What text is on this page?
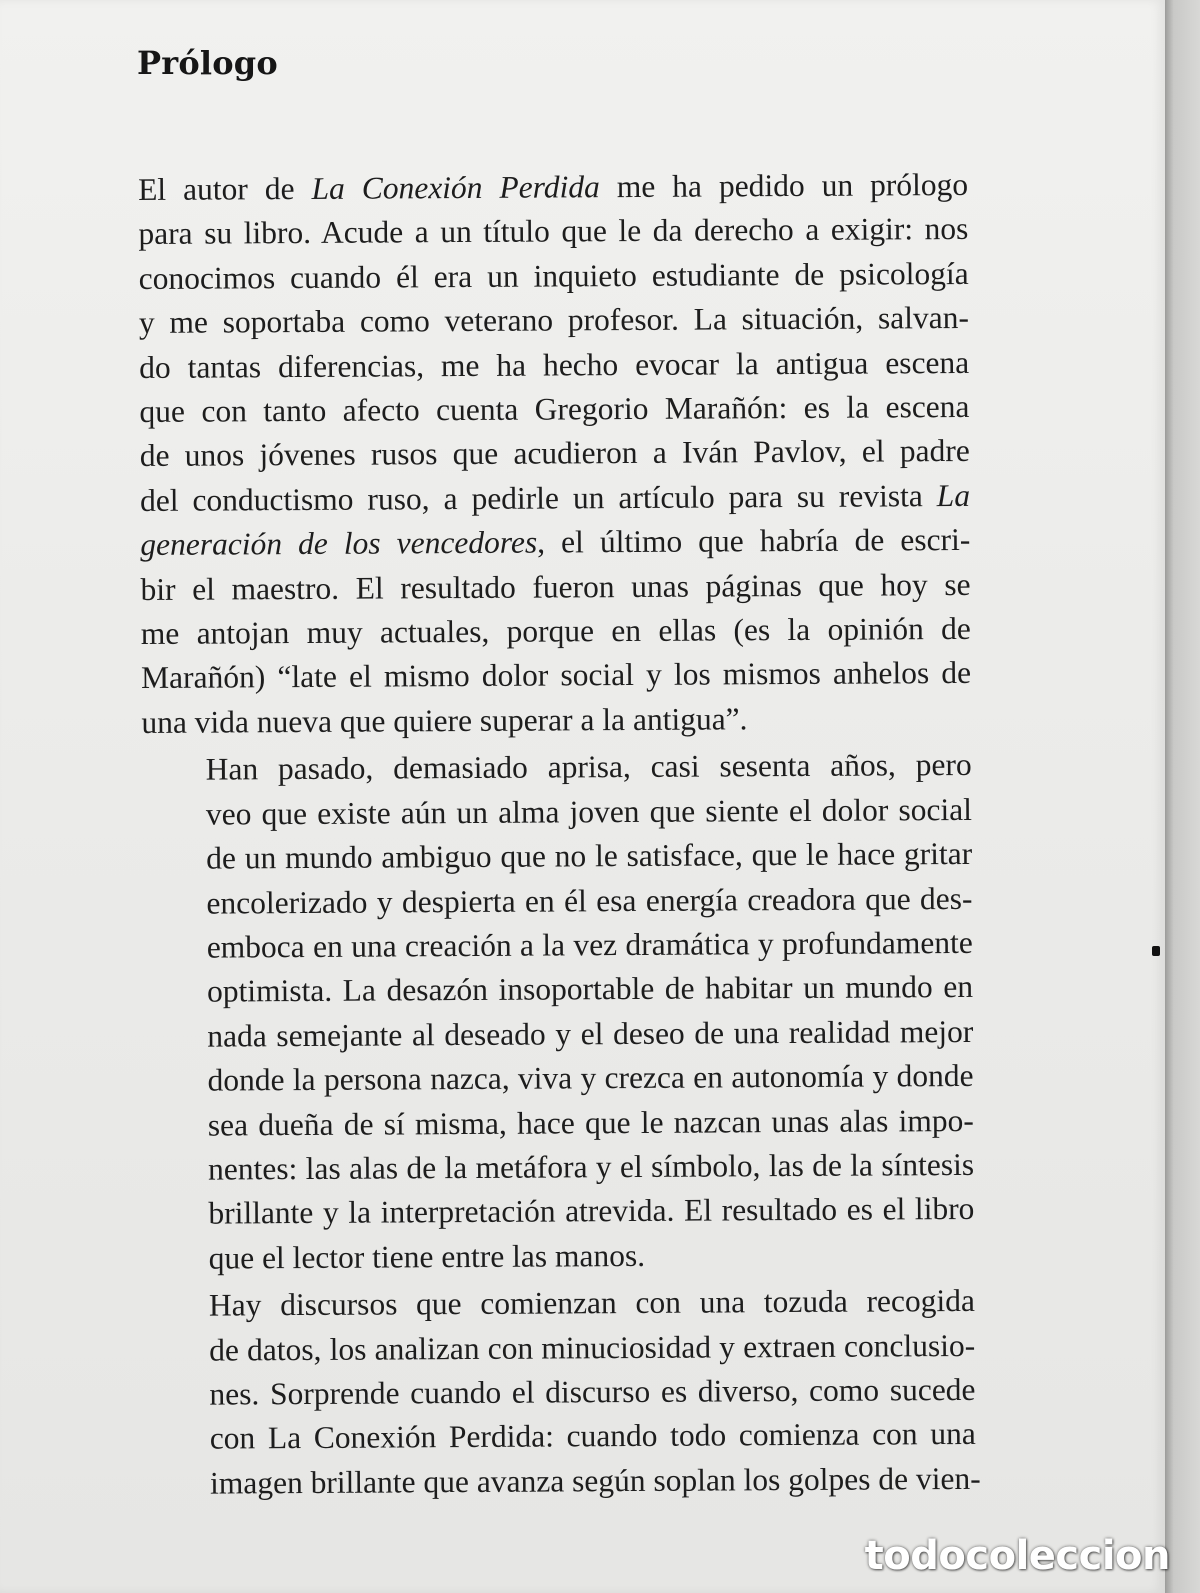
Prólogo

El autor de La Conexión Perdida me ha pedido un prólogo
para su libro. Acude a un título que le da derecho a exigir: nos
conocimos cuando él era un inquieto estudiante de psicología
y me soportaba como veterano profesor. La situación, salvan-
do tantas diferencias, me ha hecho evocar la antigua escena
que con tanto afecto cuenta Gregorio Marañón: es la escena
de unos jóvenes rusos que acudieron a Iván Pavlov, el padre
del conductismo ruso, a pedirle un artículo para su revista La
generación de los vencedores, el último que habría de escri-
bir el maestro. El resultado fueron unas páginas que hoy se
me antojan muy actuales, porque en ellas (es la opinión de
Marañón) “late el mismo dolor social y los mismos anhelos de
una vida nueva que quiere superar a la antigua”.

Han pasado, demasiado aprisa, casi sesenta años, pero
veo que existe aún un alma joven que siente el dolor social
de un mundo ambiguo que no le satisface, que le hace gritar
encolerizado y despierta en él esa energía creadora que des-
emboca en una creación a la vez dramática y profundamente
optimista. La desazón insoportable de habitar un mundo en
nada semejante al deseado y el deseo de una realidad mejor
donde la persona nazca, viva y crezca en autonomía y donde
sea dueña de sí misma, hace que le nazcan unas alas impo-
nentes: las alas de la metáfora y el símbolo, las de la síntesis
brillante y la interpretación atrevida. El resultado es el libro
que el lector tiene entre las manos.

Hay discursos que comienzan con una tozuda recogida
de datos, los analizan con minuciosidad y extraen conclusio-
nes. Sorprende cuando el discurso es diverso, como sucede
con La Conexión Perdida: cuando todo comienza con una
imagen brillante que avanza según soplan los golpes de vien-

todocoleccion
